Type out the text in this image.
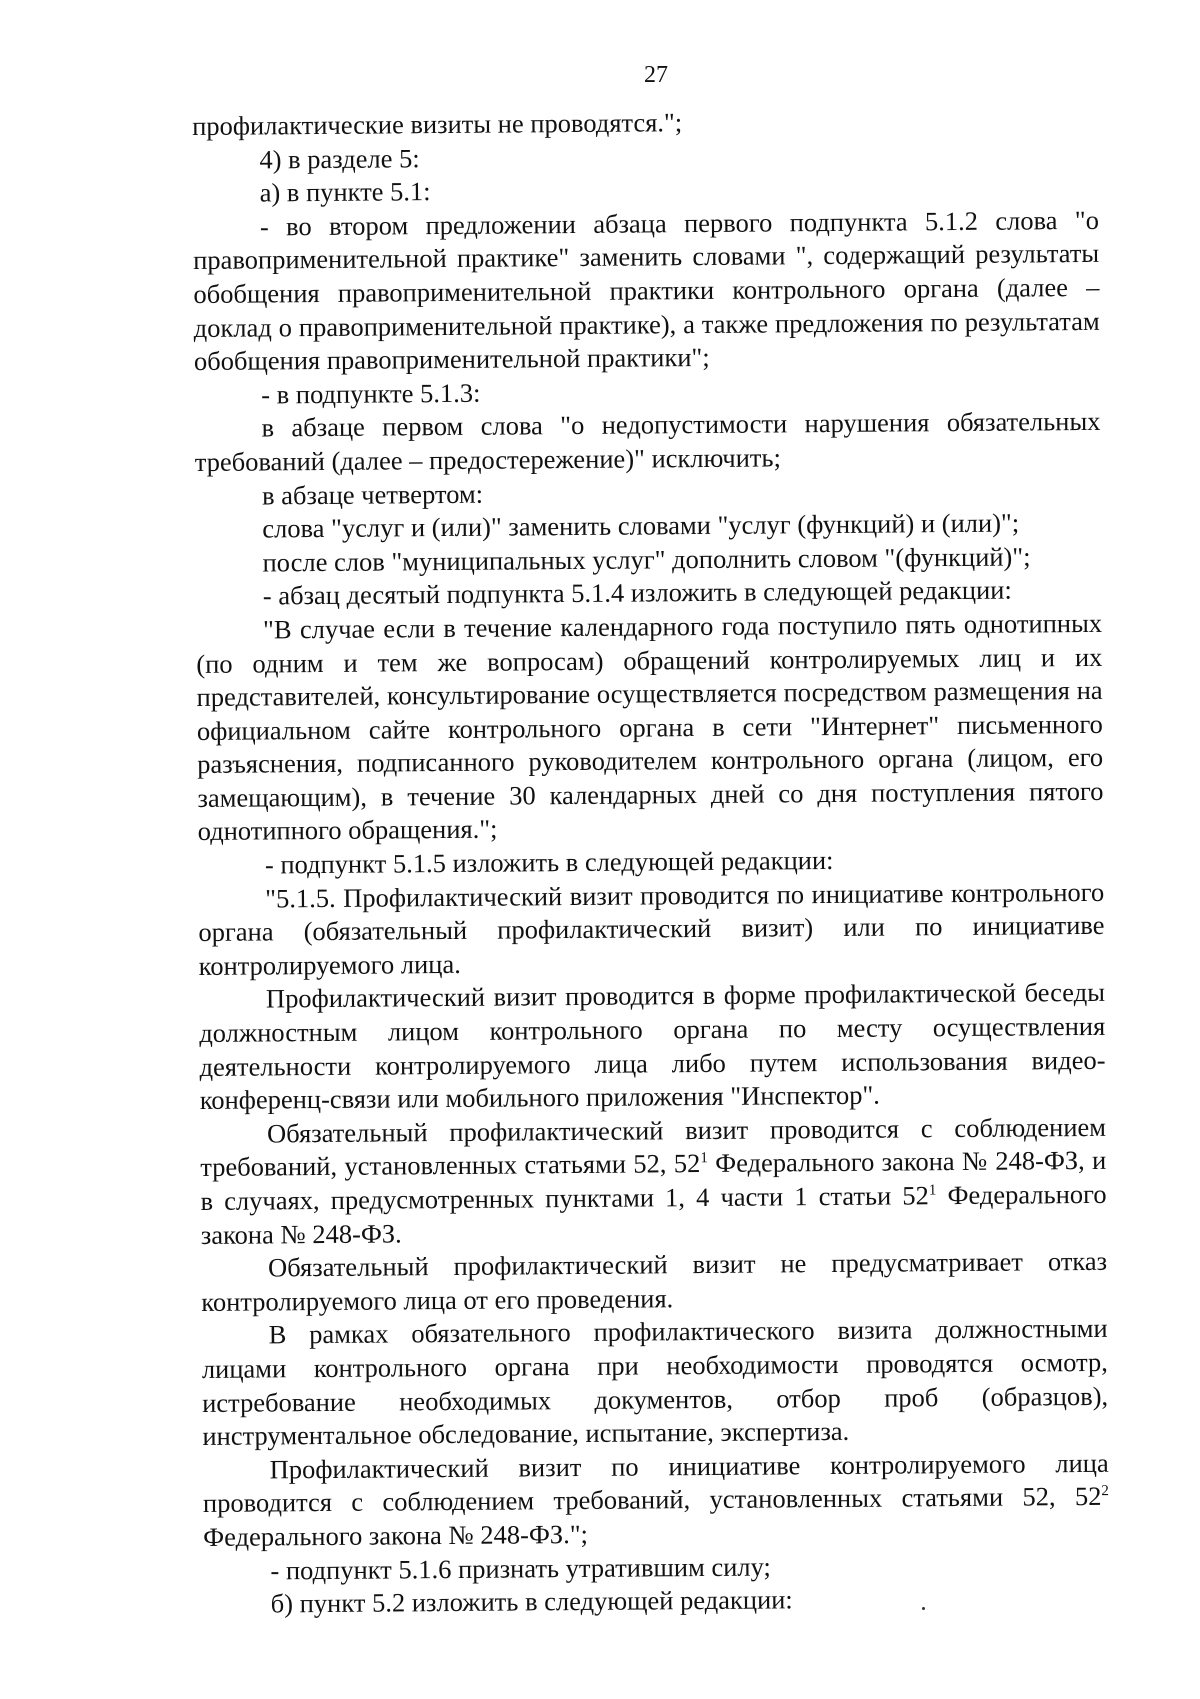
27

профилактические визиты не проводятся.";

4) в разделе 5:

а) в пункте 5.1:

- во втором предложении абзаца первого подпункта 5.1.2 слова "о правоприменительной практике" заменить словами ", содержащий результаты обобщения правоприменительной практики контрольного органа (далее – доклад о правоприменительной практике), а также предложения по результатам обобщения правоприменительной практики";

- в подпункте 5.1.3:

в абзаце первом слова "о недопустимости нарушения обязательных требований (далее – предостережение)" исключить;

в абзаце четвертом:

слова "услуг и (или)" заменить словами "услуг (функций) и (или)";

после слов "муниципальных услуг" дополнить словом "(функций)";

- абзац десятый подпункта 5.1.4 изложить в следующей редакции:

"В случае если в течение календарного года поступило пять однотипных (по одним и тем же вопросам) обращений контролируемых лиц и их представителей, консультирование осуществляется посредством размещения на официальном сайте контрольного органа в сети "Интернет" письменного разъяснения, подписанного руководителем контрольного органа (лицом, его замещающим), в течение 30 календарных дней со дня поступления пятого однотипного обращения.";

- подпункт 5.1.5 изложить в следующей редакции:

"5.1.5. Профилактический визит проводится по инициативе контрольного органа (обязательный профилактический визит) или по инициативе контролируемого лица.

Профилактический визит проводится в форме профилактической беседы должностным лицом контрольного органа по месту осуществления деятельности контролируемого лица либо путем использования видео-конференц-связи или мобильного приложения "Инспектор".

Обязательный профилактический визит проводится с соблюдением требований, установленных статьями 52, $52^1$ Федерального закона № 248-ФЗ, и в случаях, предусмотренных пунктами 1, 4 части 1 статьи $52^1$ Федерального закона № 248-ФЗ.

Обязательный профилактический визит не предусматривает отказ контролируемого лица от его проведения.

В рамках обязательного профилактического визита должностными лицами контрольного органа при необходимости проводятся осмотр, истребование необходимых документов, отбор проб (образцов), инструментальное обследование, испытание, экспертиза.

Профилактический визит по инициативе контролируемого лица проводится с соблюдением требований, установленных статьями 52, $52^2$ Федерального закона № 248-ФЗ.";

- подпункт 5.1.6 признать утратившим силу;

б) пункт 5.2 изложить в следующей редакции:
